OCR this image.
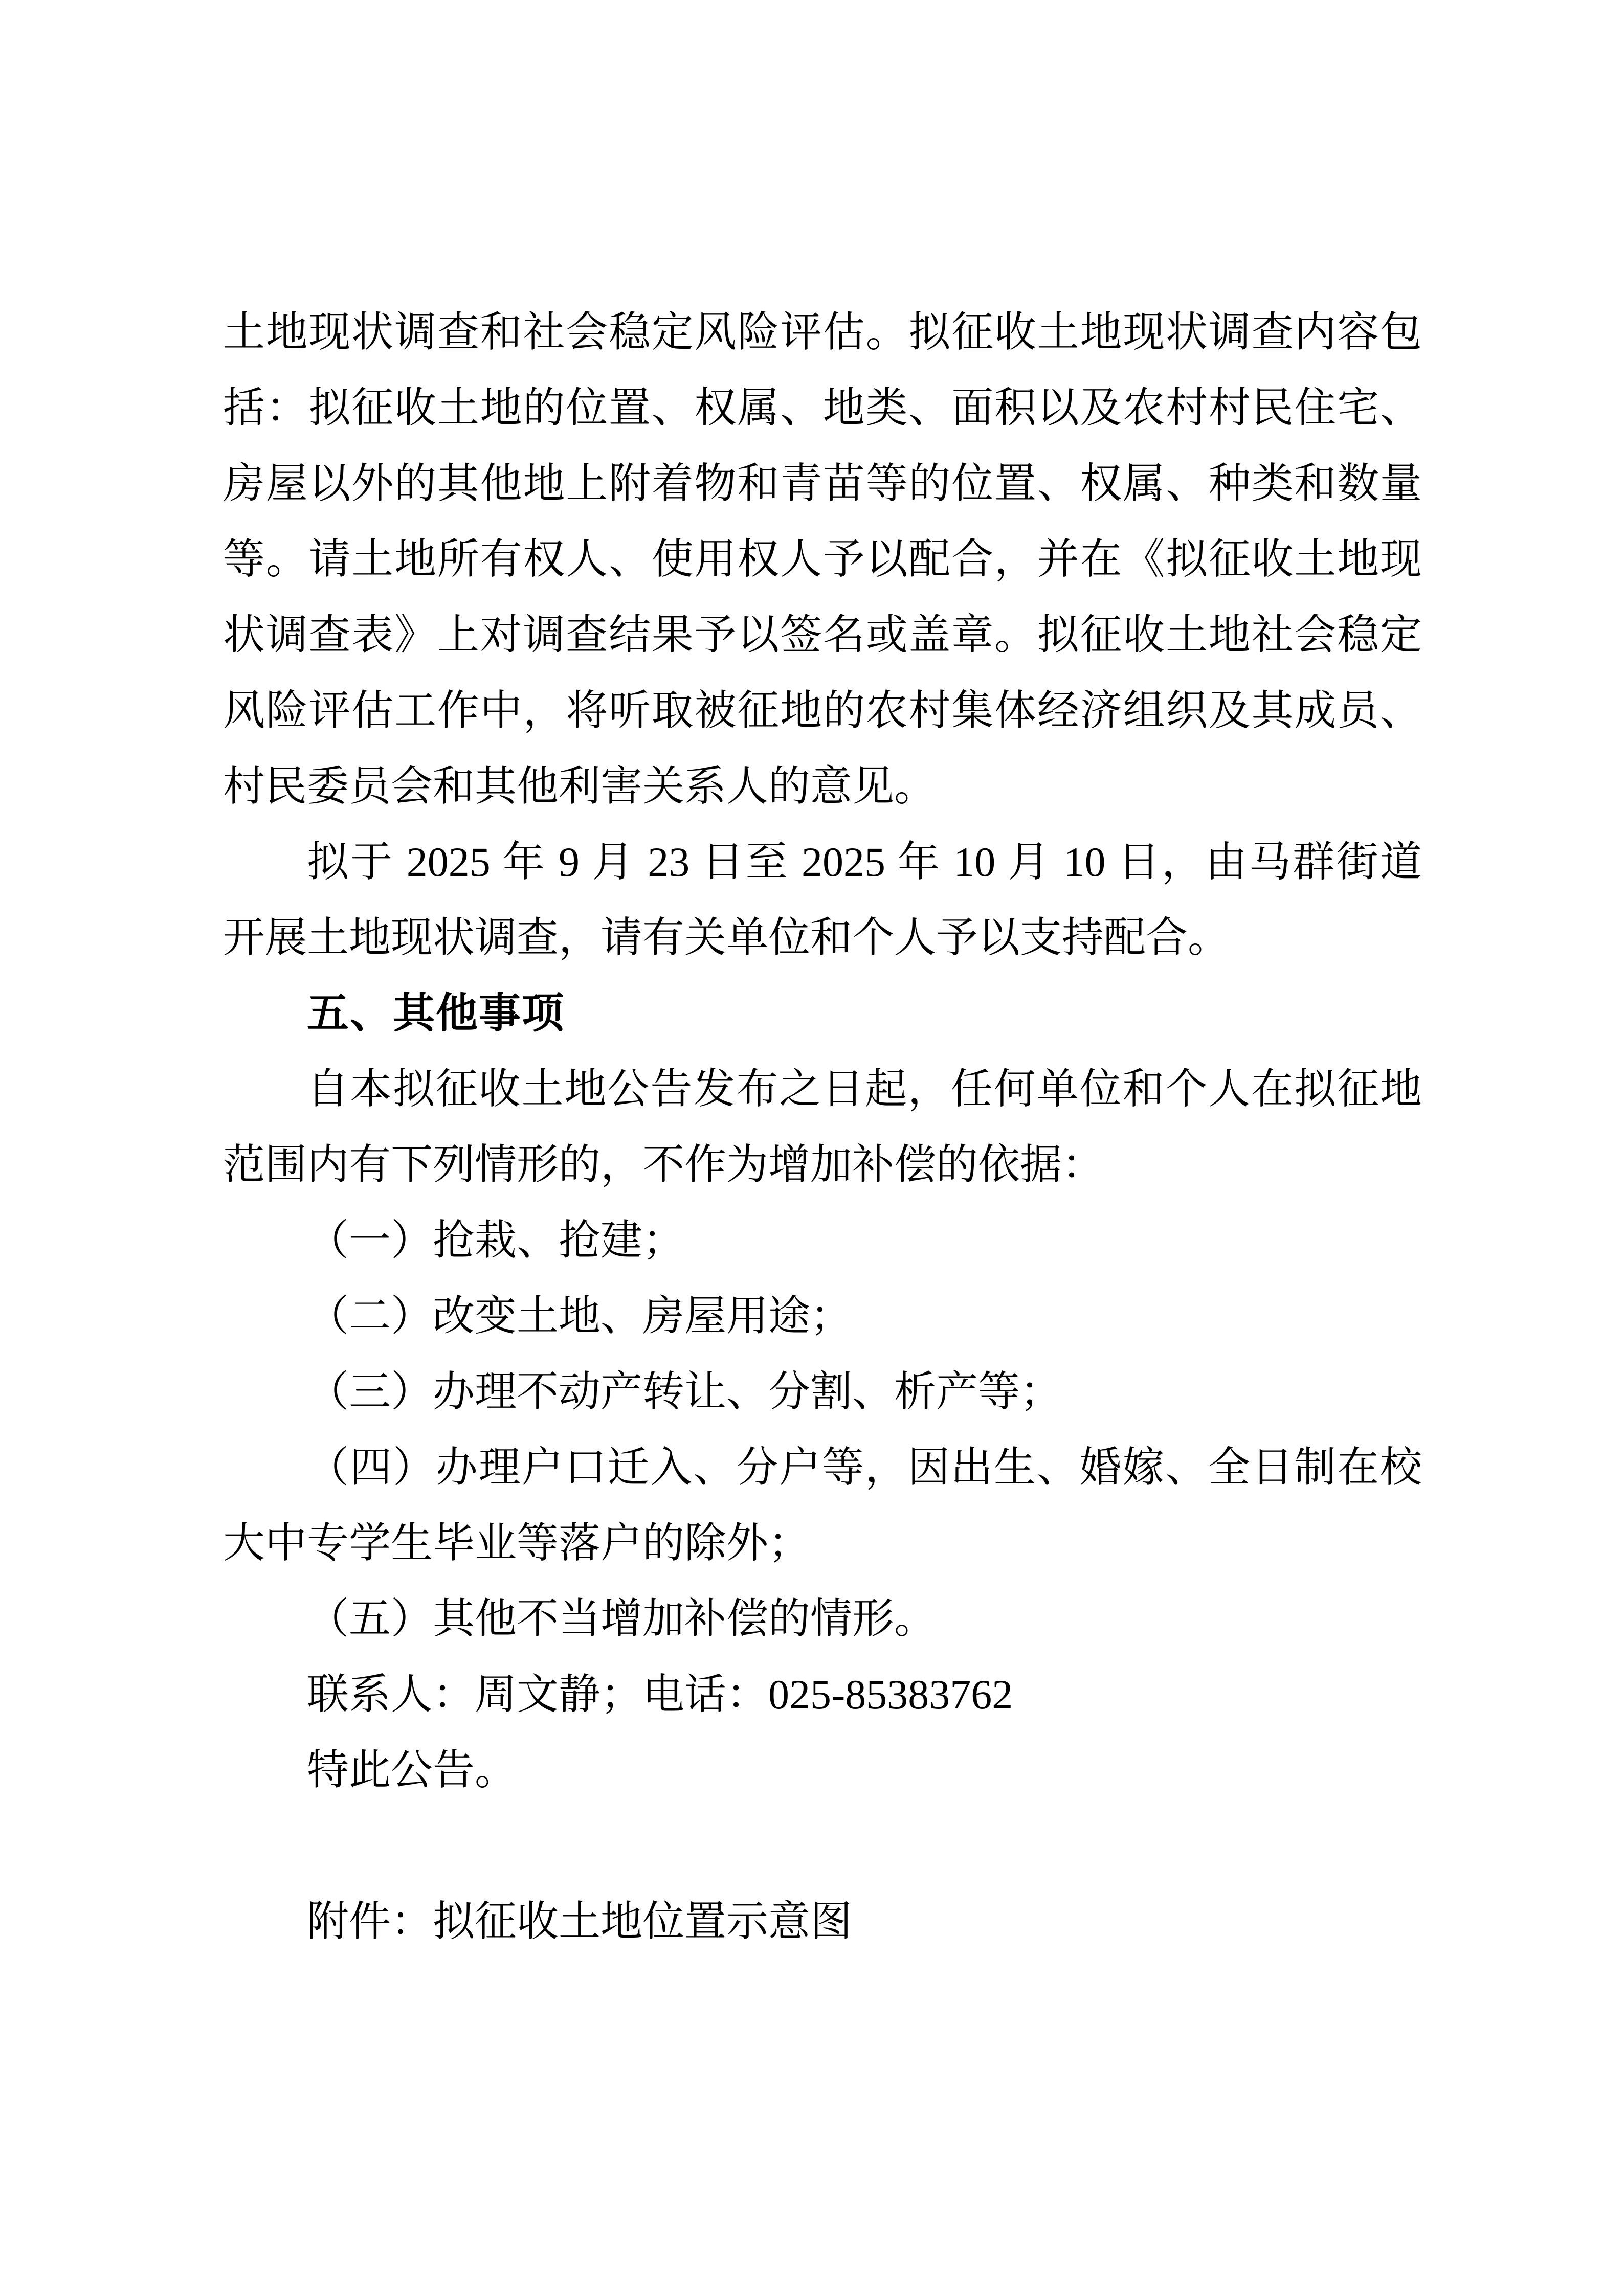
土地现状调查和社会稳定风险评估。拟征收土地现状调查内容包
括：拟征收土地的位置、权属、地类、面积以及农村村民住宅、
房屋以外的其他地上附着物和青苗等的位置、权属、种类和数量
等。请土地所有权人、使用权人予以配合，并在《拟征收土地现
状调查表》上对调查结果予以签名或盖章。拟征收土地社会稳定
风险评估工作中，将听取被征地的农村集体经济组织及其成员、
村民委员会和其他利害关系人的意见。
拟于 2025 年 9 月 23 日至 2025 年 10 月 10 日，由马群街道
开展土地现状调查，请有关单位和个人予以支持配合。
五、其他事项
自本拟征收土地公告发布之日起，任何单位和个人在拟征地
范围内有下列情形的，不作为增加补偿的依据：
（一）抢栽、抢建；
（二）改变土地、房屋用途；
（三）办理不动产转让、分割、析产等；
（四）办理户口迁入、分户等，因出生、婚嫁、全日制在校
大中专学生毕业等落户的除外；
（五）其他不当增加补偿的情形。
联系人：周文静；电话：025-85383762
特此公告。
附件：拟征收土地位置示意图
